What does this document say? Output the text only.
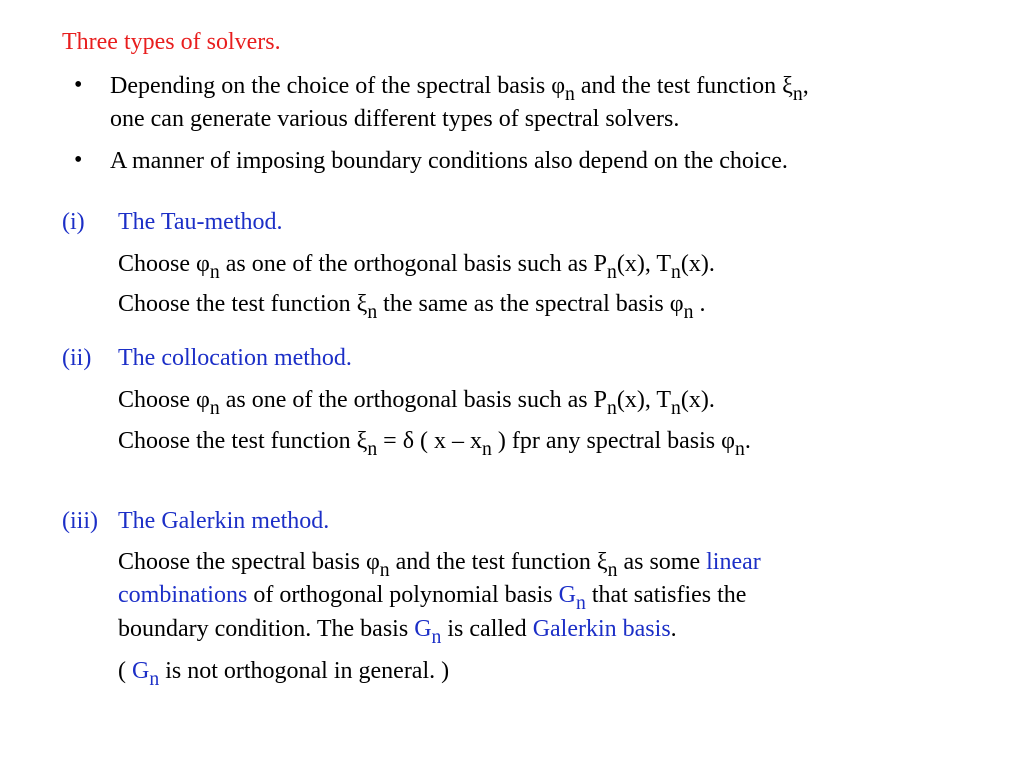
Three types of solvers.
• Depending on the choice of the spectral basis $\varphi_n$ and the test function $\xi_n$,
one can generate various different types of spectral solvers.
• A manner of imposing boundary conditions also depend on the choice.
(i) The Tau-method.
Choose $\varphi_n$ as one of the orthogonal basis such as $P_n(x)$, $T_n(x)$.
Choose the test function $\xi_n$ the same as the spectral basis $\varphi_n$ .
(ii) The collocation method.
Choose $\varphi_n$ as one of the orthogonal basis such as $P_n(x)$, $T_n(x)$.
Choose the test function $\xi_n = \delta$ ( x – $x_n$ ) fpr any spectral basis $\varphi_n$.
(iii) The Galerkin method.
Choose the spectral basis $\varphi_n$ and the test function $\xi_n$ as some linear
combinations of orthogonal polynomial basis $G_n$ that satisfies the
boundary condition. The basis $G_n$ is called Galerkin basis.
( $G_n$ is not orthogonal in general. )
